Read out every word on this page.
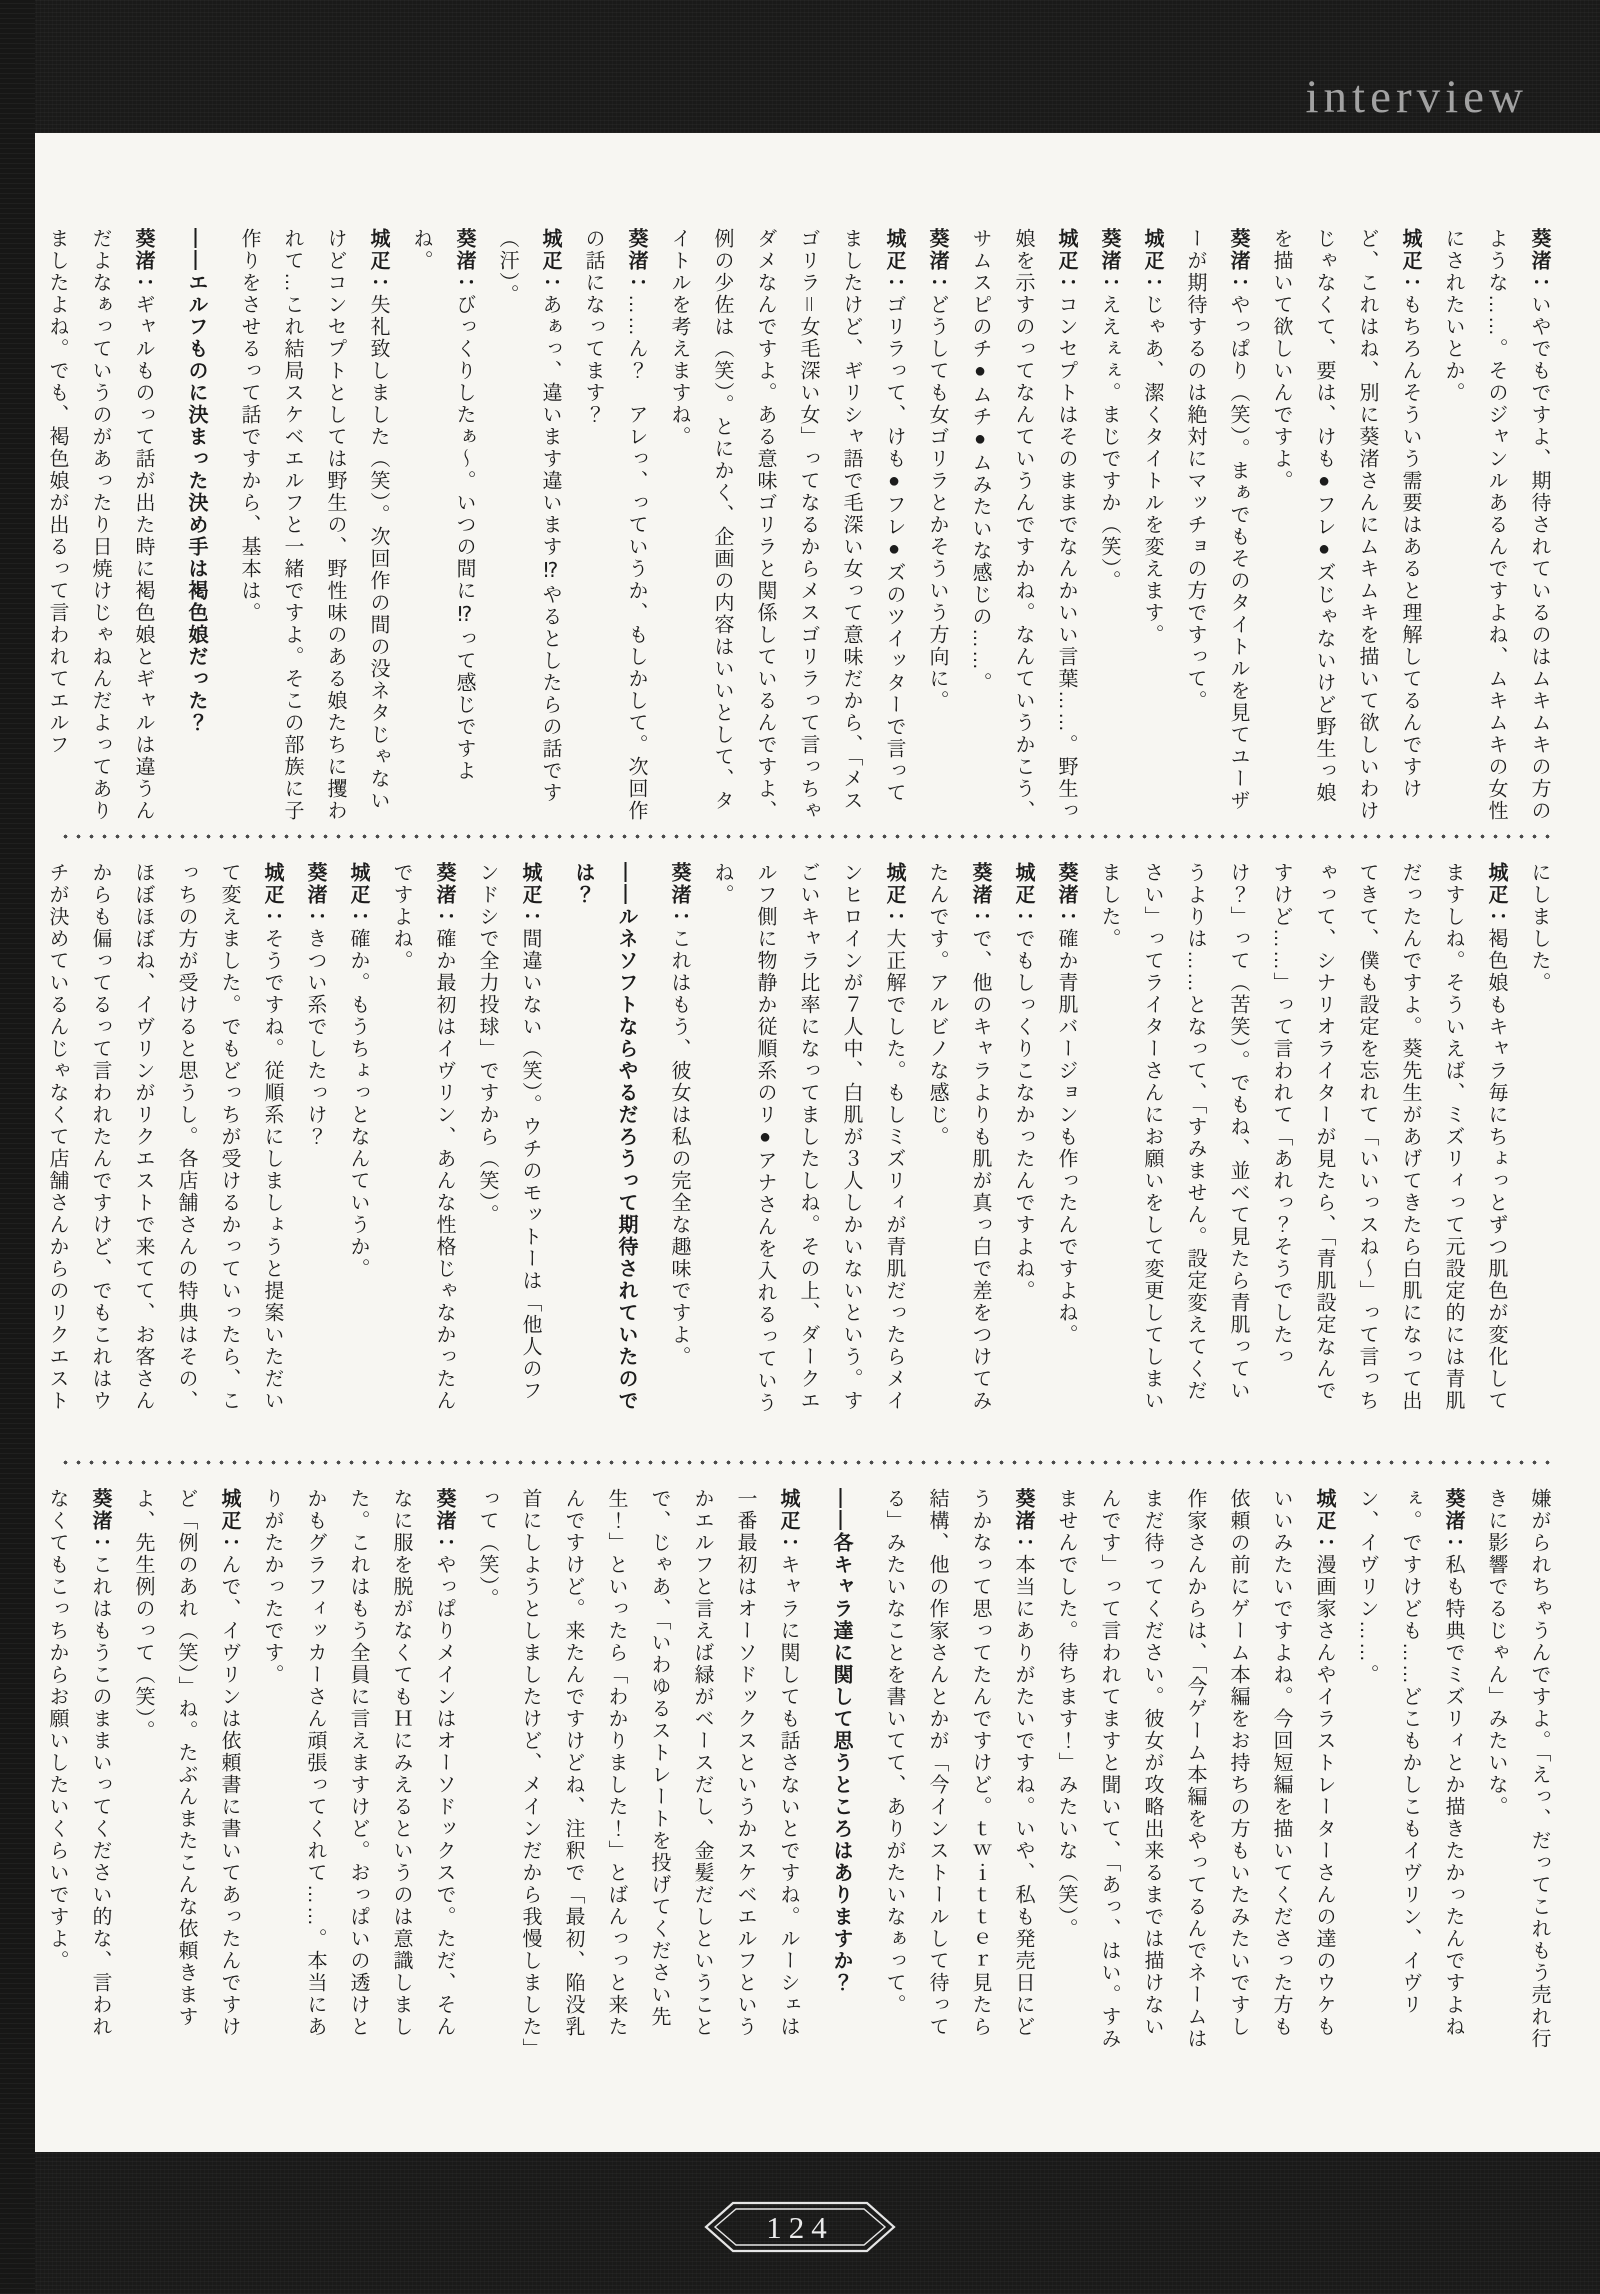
interview

葵渚：いやでもですよ、期待されているのはムキムキの方のような……。そのジャンルあるんですよね、ムキムキの女性にされたいとか。

城疋：もちろんそういう需要はあると理解してるんですけど、これはね、別に葵渚さんにムキムキを描いて欲しいわけじゃなくて、要は、けも●フレ●ズじゃないけど野生っ娘を描いて欲しいんですよ。

葵渚：やっぱり（笑）。まぁでもそのタイトルを見てユーザーが期待するのは絶対にマッチョの方ですって。

城疋：じゃあ、潔くタイトルを変えます。

葵渚：ええぇぇ。まじですか（笑）。

城疋：コンセプトはそのままでなんかいい言葉……。野生っ娘を示すのってなんていうんですかね。なんていうかこう、サムスピのチ●ムチ●ムみたいな感じの……。

葵渚：どうしても女ゴリラとかそういう方向に。

城疋：ゴリラって、けも●フレ●ズのツイッターで言ってましたけど、ギリシャ語で毛深い女って意味だから、「メスゴリラ＝女毛深い女」ってなるからメスゴリラって言っちゃダメなんですよ。ある意味ゴリラと関係しているんですよ、例の少佐は（笑）。とにかく、企画の内容はいいとして、タイトルを考えますね。

葵渚：……ん？　アレっ、っていうか、もしかして。次回作の話になってます？

城疋：あぁっ、違います違います⁉やるとしたらの話です（汗）。

葵渚：びっくりしたぁ～。いつの間に⁉って感じですよね。

城疋：失礼致しました（笑）。次回作の間の没ネタじゃないけどコンセプトとしては野生の、野性味のある娘たちに攫われて…これ結局スケベエルフと一緒ですよ。そこの部族に子作りをさせるって話ですから、基本は。

――エルフものに決まった決め手は褐色娘だった？

葵渚：ギャルものって話が出た時に褐色娘とギャルは違うんだよなぁっていうのがあったり日焼けじゃねんだよってありましたよね。でも、褐色娘が出るって言われてエルフ

にしました。

城疋：褐色娘もキャラ毎にちょっとずつ肌色が変化してますしね。そういえば、ミズリィって元設定的には青肌だったんですよ。葵先生があげてきたら白肌になって出てきて、僕も設定を忘れて「いいっスね～」って言っちゃって、シナリオライターが見たら、「青肌設定なんですけど……」って言われて「あれっ？そうでしたっけ？」って（苦笑）。でもね、並べて見たら青肌っていうよりは……となって、「すみません。設定変えてください」ってライターさんにお願いをして変更してしまいました。

葵渚：確か青肌バージョンも作ったんですよね。

城疋：でもしっくりこなかったんですよね。

葵渚：で、他のキャラよりも肌が真っ白で差をつけてみたんです。アルビノな感じ。

城疋：大正解でした。もしミズリィが青肌だったらメインヒロインが７人中、白肌が３人しかいないという。すごいキャラ比率になってましたしね。その上、ダークエルフ側に物静か従順系のリ●アナさんを入れるっていうね。

葵渚：これはもう、彼女は私の完全な趣味ですよ。

――ルネソフトならやるだろうって期待されていたのでは？

城疋：間違いない（笑）。ウチのモットーは「他人のフンドシで全力投球」ですから（笑）。

葵渚：確か最初はイヴリン、あんな性格じゃなかったんですよね。

城疋：確か。もうちょっとなんていうか。

葵渚：きつい系でしたっけ？

城疋：そうですね。従順系にしましょうと提案いただいて変えました。でもどっちが受けるかっていったら、こっちの方が受けると思うし。各店舗さんの特典はその、ほぼほぼね、イヴリンがリクエストで来てて、お客さんからも偏ってるって言われたんですけど、でもこれはウチが決めているんじゃなくて店舗さんからのリクエスト

嫌がられちゃうんですよ。「えっ、だってこれもう売れ行きに影響でるじゃん」みたいな。

葵渚：私も特典でミズリィとか描きたかったんですよねぇ。ですけども……どこもかしこもイヴリン、イヴリン、イヴリン……。

城疋：漫画家さんやイラストレーターさんの達のウケもいいみたいですよね。今回短編を描いてくださった方も依頼の前にゲーム本編をお持ちの方もいたみたいですし作家さんからは、「今ゲーム本編をやってるんでネームはまだ待ってください。彼女が攻略出来るまでは描けないんです」って言われてますと聞いて、「あっ、はい。すみませんでした。待ちます！」みたいな（笑）。

葵渚：本当にありがたいですね。いや、私も発売日にどうかなって思ってたんですけど。ｔｗｉｔｔｅｒ見たら結構、他の作家さんとかが「今インストールして待ってる」みたいなことを書いてて、ありがたいなぁって。

――各キャラ達に関して思うところはありますか？

城疋：キャラに関しても話さないとですね。ルーシェは一番最初はオーソドックスというかスケベエルフというかエルフと言えば緑がベースだし、金髪だしということで、じゃあ、「いわゆるストレートを投げてください先生！」といったら「わかりました！」とばんっっと来たんですけど。来たんですけどね、注釈で「最初、陥没乳首にしようとしましたけど、メインだから我慢しました」って（笑）。

葵渚：やっぱりメインはオーソドックスで。ただ、そんなに服を脱がなくてもＨにみえるというのは意識しました。これはもう全員に言えますけど。おっぱいの透けとかもグラフィッカーさん頑張ってくれて……。本当にありがたかったです。

城疋：んで、イヴリンは依頼書に書いてあったんですけど「例のあれ（笑）」ね。たぶんまたこんな依頼きますよ、先生例のって（笑）。

葵渚：これはもうこのままいってください的な、言われなくてもこっちからお願いしたいくらいですよ。

124
